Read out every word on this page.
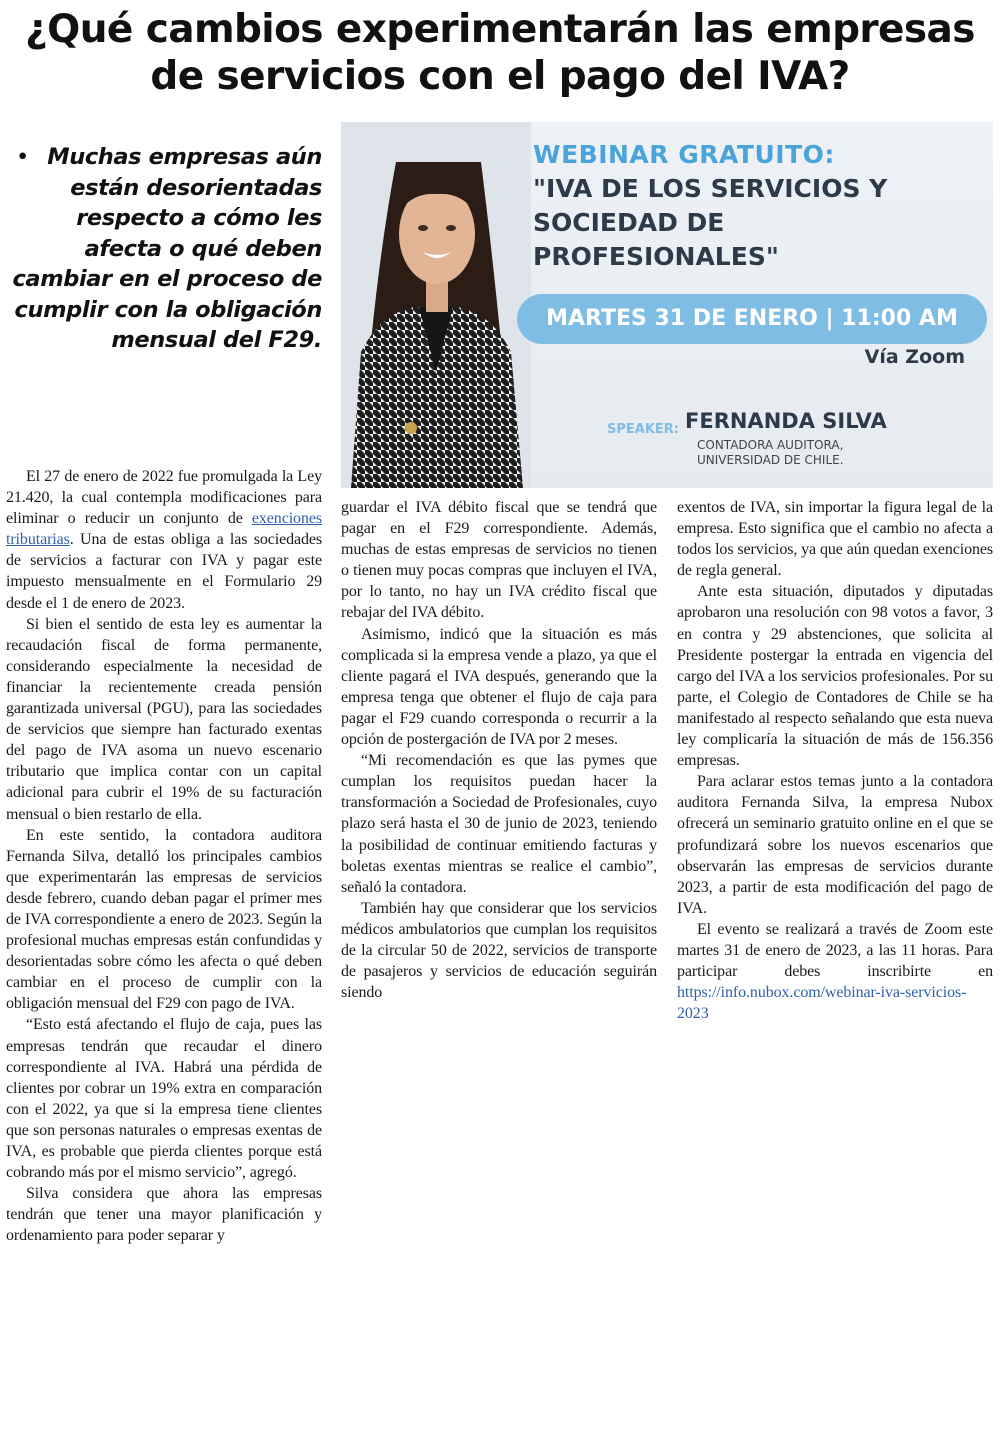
¿Qué cambios experimentarán las empresas de servicios con el pago del IVA?
• Muchas empresas aún están desorientadas respecto a cómo les afecta o qué deben cambiar en el proceso de cumplir con la obligación mensual del F29.
WEBINAR GRATUITO:
"IVA DE LOS SERVICIOS Y SOCIEDAD DE PROFESIONALES"
MARTES 31 DE ENERO | 11:00 AM
Vía Zoom
SPEAKER: FERNANDA SILVA
CONTADORA AUDITORA,
UNIVERSIDAD DE CHILE.

El 27 de enero de 2022 fue promulgada la Ley 21.420, la cual contempla modificaciones para eliminar o reducir un conjunto de exenciones tributarias. Una de estas obliga a las sociedades de servicios a facturar con IVA y pagar este impuesto mensualmente en el Formulario 29 desde el 1 de enero de 2023.

Si bien el sentido de esta ley es aumentar la recaudación fiscal de forma permanente, considerando especialmente la necesidad de financiar la recientemente creada pensión garantizada universal (PGU), para las sociedades de servicios que siempre han facturado exentas del pago de IVA asoma un nuevo escenario tributario que implica contar con un capital adicional para cubrir el 19% de su facturación mensual o bien restarlo de ella.

En este sentido, la contadora auditora Fernanda Silva, detalló los principales cambios que experimentarán las empresas de servicios desde febrero, cuando deban pagar el primer mes de IVA correspondiente a enero de 2023. Según la profesional muchas empresas están confundidas y desorientadas sobre cómo les afecta o qué deben cambiar en el proceso de cumplir con la obligación mensual del F29 con pago de IVA.

“Esto está afectando el flujo de caja, pues las empresas tendrán que recaudar el dinero correspondiente al IVA. Habrá una pérdida de clientes por cobrar un 19% extra en comparación con el 2022, ya que si la empresa tiene clientes que son personas naturales o empresas exentas de IVA, es probable que pierda clientes porque está cobrando más por el mismo servicio”, agregó.

Silva considera que ahora las empresas tendrán que tener una mayor planificación y ordenamiento para poder separar y

guardar el IVA débito fiscal que se tendrá que pagar en el F29 correspondiente. Además, muchas de estas empresas de servicios no tienen o tienen muy pocas compras que incluyen el IVA, por lo tanto, no hay un IVA crédito fiscal que rebajar del IVA débito.

Asimismo, indicó que la situación es más complicada si la empresa vende a plazo, ya que el cliente pagará el IVA después, generando que la empresa tenga que obtener el flujo de caja para pagar el F29 cuando corresponda o recurrir a la opción de postergación de IVA por 2 meses.

“Mi recomendación es que las pymes que cumplan los requisitos puedan hacer la transformación a Sociedad de Profesionales, cuyo plazo será hasta el 30 de junio de 2023, teniendo la posibilidad de continuar emitiendo facturas y boletas exentas mientras se realice el cambio”, señaló la contadora.

También hay que considerar que los servicios médicos ambulatorios que cumplan los requisitos de la circular 50 de 2022, servicios de transporte de pasajeros y servicios de educación seguirán siendo

exentos de IVA, sin importar la figura legal de la empresa. Esto significa que el cambio no afecta a todos los servicios, ya que aún quedan exenciones de regla general.

Ante esta situación, diputados y diputadas aprobaron una resolución con 98 votos a favor, 3 en contra y 29 abstenciones, que solicita al Presidente postergar la entrada en vigencia del cargo del IVA a los servicios profesionales. Por su parte, el Colegio de Contadores de Chile se ha manifestado al respecto señalando que esta nueva ley complicaría la situación de más de 156.356 empresas.

Para aclarar estos temas junto a la contadora auditora Fernanda Silva, la empresa Nubox ofrecerá un seminario gratuito online en el que se profundizará sobre los nuevos escenarios que observarán las empresas de servicios durante 2023, a partir de esta modificación del pago de IVA.

El evento se realizará a través de Zoom este martes 31 de enero de 2023, a las 11 horas. Para participar debes inscribirte en https://info.nubox.com/webinar-iva-servicios-2023
